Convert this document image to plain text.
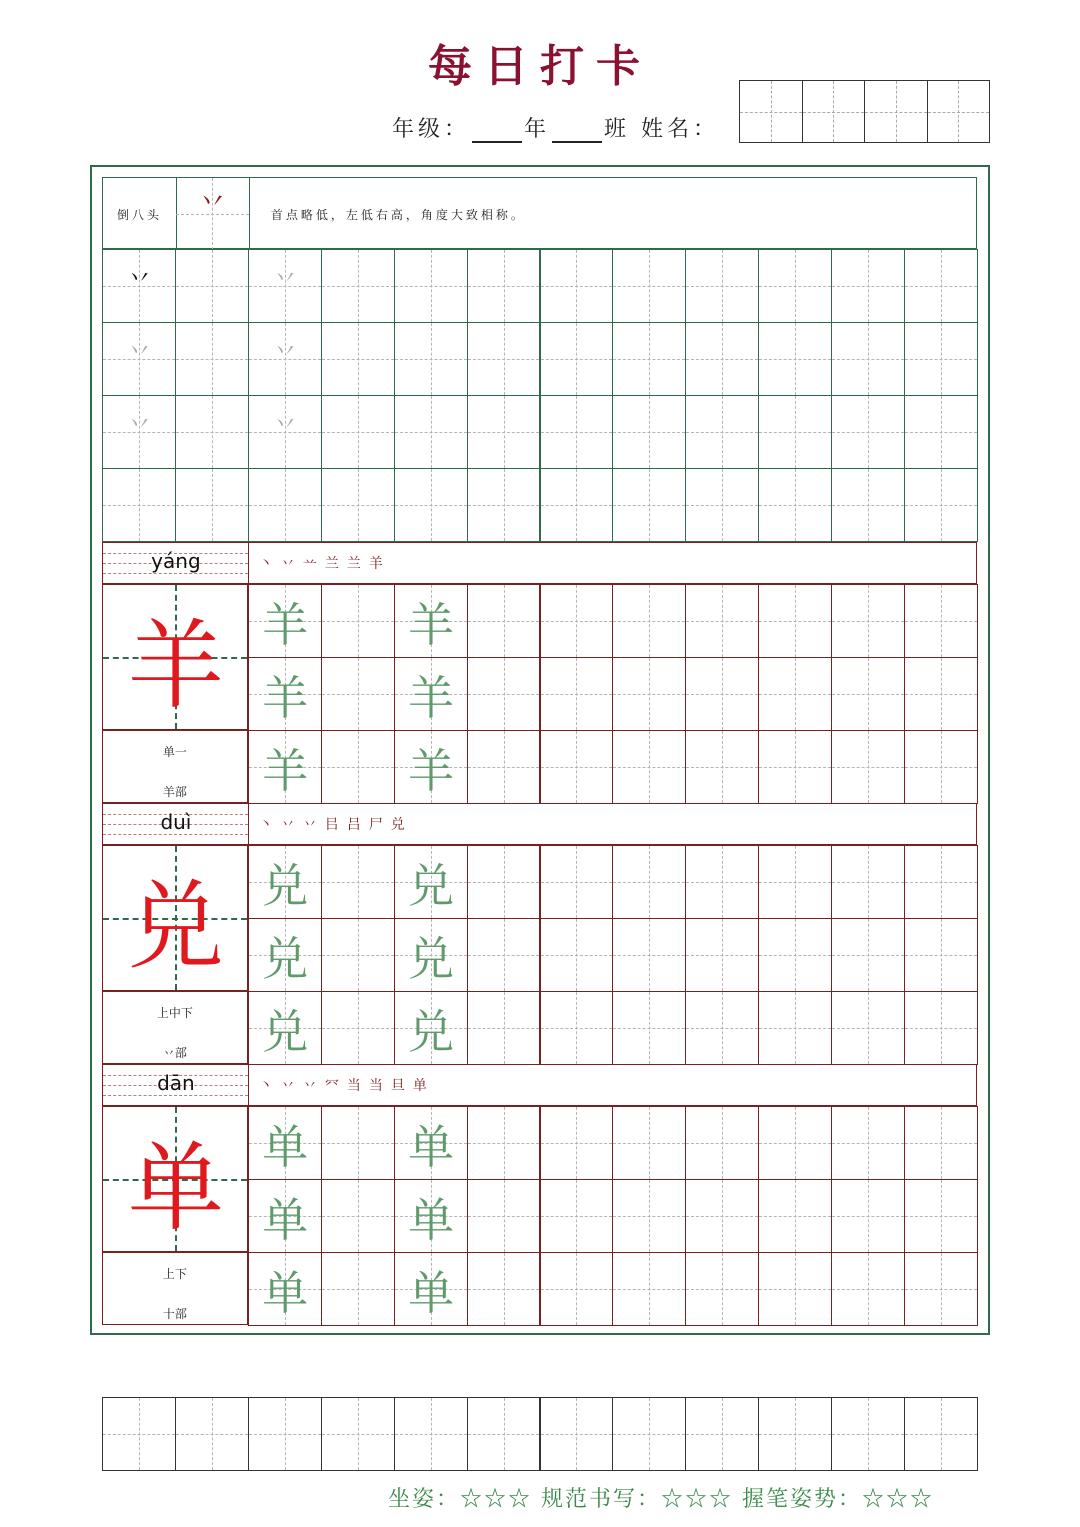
每日打卡
年级： 年 班 姓名：
倒八头	丷	首点略低，左低右高，角度大致相称。
丷	丷
丷	丷
丷	丷
yáng	丶 丷 䒑 兰 兰 羊
羊
单一
羊部
羊 羊
羊 羊
羊 羊
duì	丶 丷 丷 㠯 吕 尸 兑
兑
上中下
丷部
兑 兑
兑 兑
兑 兑
dān	丶 丷 丷 㓁 当 当 旦 单
单
上下
十部
单 单
单 单
单 单
坐姿：☆☆☆ 规范书写：☆☆☆ 握笔姿势：☆☆☆
